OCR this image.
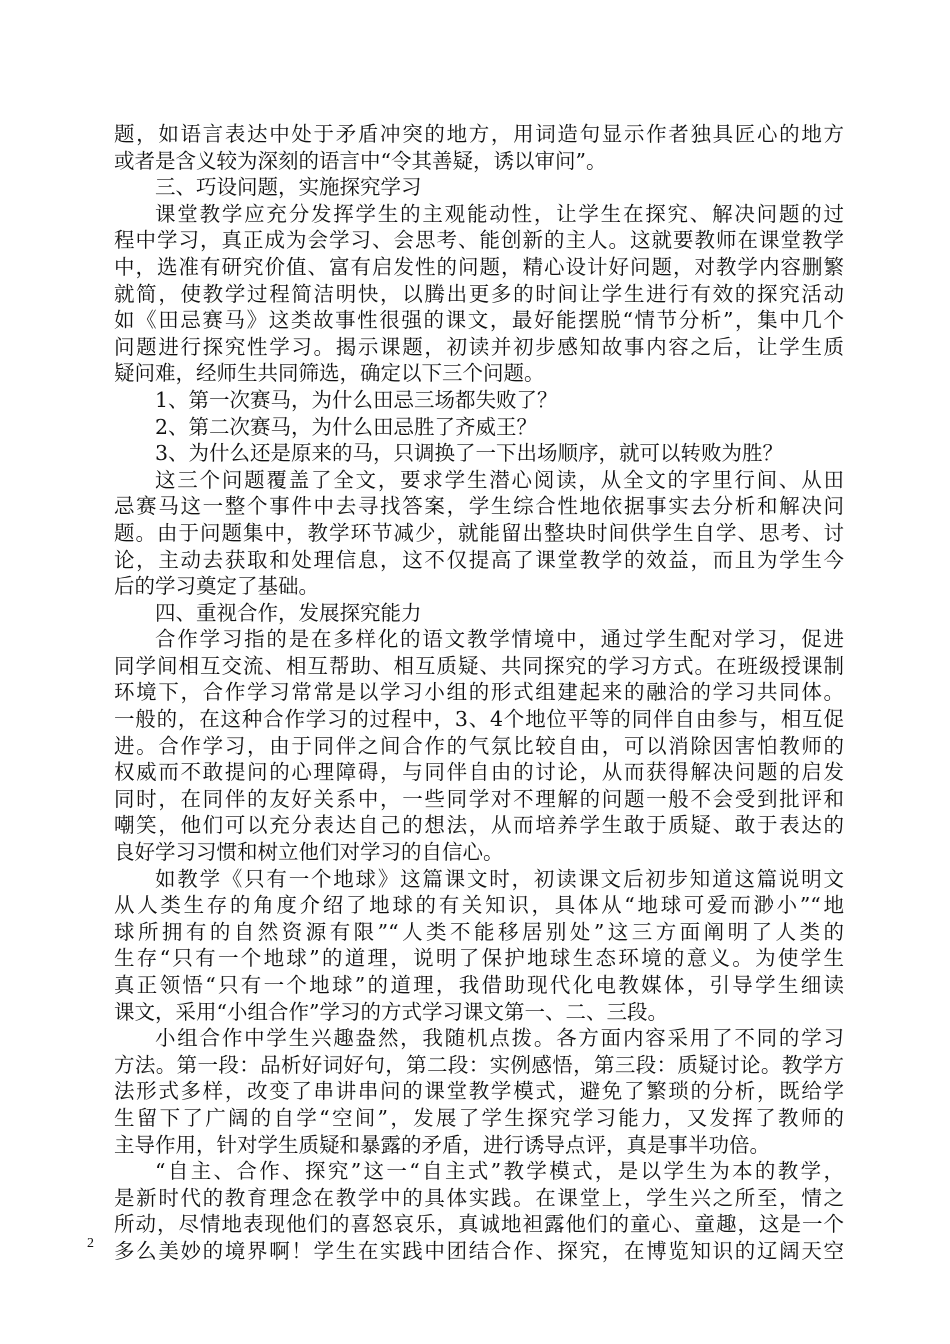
题，如语言表达中处于矛盾冲突的地方，用词造句显示作者独具匠心的地方
或者是含义较为深刻的语言中“令其善疑，诱以审问”。
三、巧设问题，实施探究学习
课堂教学应充分发挥学生的主观能动性，让学生在探究、解决问题的过
程中学习，真正成为会学习、会思考、能创新的主人。这就要教师在课堂教学
中，选准有研究价值、富有启发性的问题，精心设计好问题，对教学内容删繁
就简，使教学过程简洁明快，以腾出更多的时间让学生进行有效的探究活动
如《田忌赛马》这类故事性很强的课文，最好能摆脱“情节分析”，集中几个
问题进行探究性学习。揭示课题，初读并初步感知故事内容之后，让学生质
疑问难，经师生共同筛选，确定以下三个问题。
1、第一次赛马，为什么田忌三场都失败了？
2、第二次赛马，为什么田忌胜了齐威王？
3、为什么还是原来的马，只调换了一下出场顺序，就可以转败为胜？
这三个问题覆盖了全文，要求学生潜心阅读，从全文的字里行间、从田
忌赛马这一整个事件中去寻找答案，学生综合性地依据事实去分析和解决问
题。由于问题集中，教学环节减少，就能留出整块时间供学生自学、思考、讨
论，主动去获取和处理信息，这不仅提高了课堂教学的效益，而且为学生今
后的学习奠定了基础。
四、重视合作，发展探究能力
合作学习指的是在多样化的语文教学情境中，通过学生配对学习，促进
同学间相互交流、相互帮助、相互质疑、共同探究的学习方式。在班级授课制
环境下，合作学习常常是以学习小组的形式组建起来的融洽的学习共同体。
一般的，在这种合作学习的过程中，3、4个地位平等的同伴自由参与，相互促
进。合作学习，由于同伴之间合作的气氛比较自由，可以消除因害怕教师的
权威而不敢提问的心理障碍，与同伴自由的讨论，从而获得解决问题的启发
同时，在同伴的友好关系中，一些同学对不理解的问题一般不会受到批评和
嘲笑，他们可以充分表达自己的想法，从而培养学生敢于质疑、敢于表达的
良好学习习惯和树立他们对学习的自信心。
如教学《只有一个地球》这篇课文时，初读课文后初步知道这篇说明文
从人类生存的角度介绍了地球的有关知识，具体从“地球可爱而渺小”“地
球所拥有的自然资源有限”“人类不能移居别处”这三方面阐明了人类的
生存“只有一个地球”的道理，说明了保护地球生态环境的意义。为使学生
真正领悟“只有一个地球”的道理，我借助现代化电教媒体，引导学生细读
课文，采用“小组合作”学习的方式学习课文第一、二、三段。
小组合作中学生兴趣盎然，我随机点拨。各方面内容采用了不同的学习
方法。第一段：品析好词好句，第二段：实例感悟，第三段：质疑讨论。教学方
法形式多样，改变了串讲串问的课堂教学模式，避免了繁琐的分析，既给学
生留下了广阔的自学“空间”，发展了学生探究学习能力，又发挥了教师的
主导作用，针对学生质疑和暴露的矛盾，进行诱导点评，真是事半功倍。
“自主、合作、探究”这一“自主式”教学模式，是以学生为本的教学，
是新时代的教育理念在教学中的具体实践。在课堂上，学生兴之所至，情之
所动，尽情地表现他们的喜怒哀乐，真诚地袒露他们的童心、童趣，这是一个
多么美妙的境界啊！学生在实践中团结合作、探究，在博览知识的辽阔天空
2
